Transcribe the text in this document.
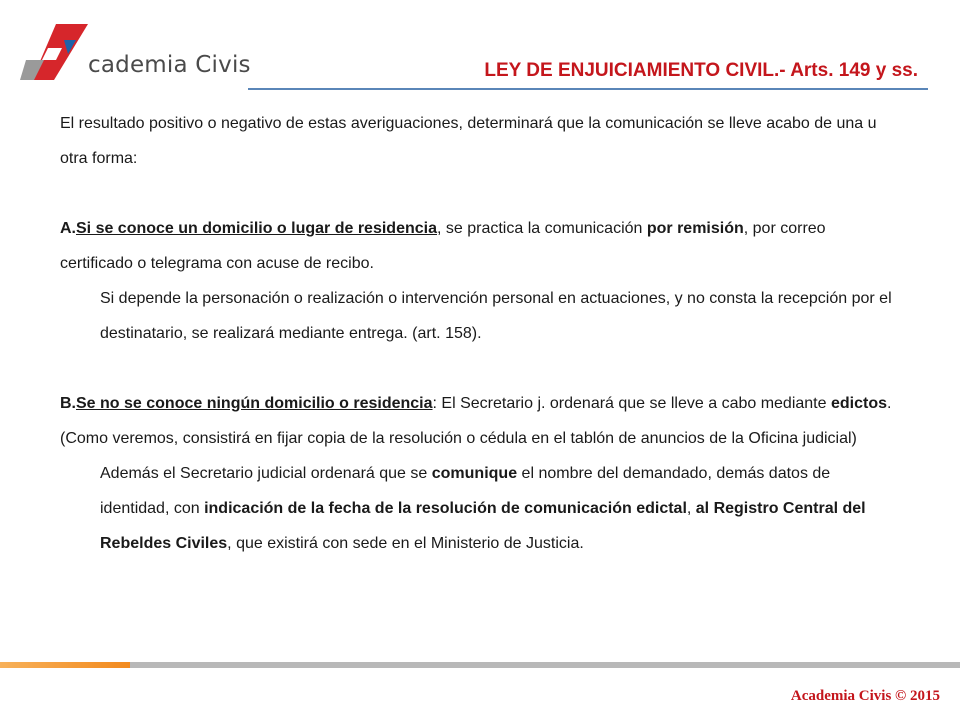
cademia Civis	LEY DE ENJUICIAMIENTO CIVIL.- Arts. 149 y ss.

El resultado positivo o negativo de estas averiguaciones, determinará que la comunicación se lleve acabo de una u otra forma:

A.Si se conoce un domicilio o lugar de residencia, se practica la comunicación por remisión, por correo certificado o telegrama con acuse de recibo.

Si depende la personación o realización o intervención personal en actuaciones, y no consta la recepción por el destinatario, se realizará mediante entrega. (art. 158).

B.Se no se conoce ningún domicilio o residencia: El Secretario j. ordenará que se lleve a cabo mediante edictos. (Como veremos, consistirá en fijar copia de la resolución o cédula en el tablón de anuncios de la Oficina judicial)

Además el Secretario judicial ordenará que se comunique el nombre del demandado, demás datos de identidad, con indicación de la fecha de la resolución de comunicación edictal, al Registro Central del Rebeldes Civiles, que existirá con sede en el Ministerio de Justicia.

Academia Civis © 2015
